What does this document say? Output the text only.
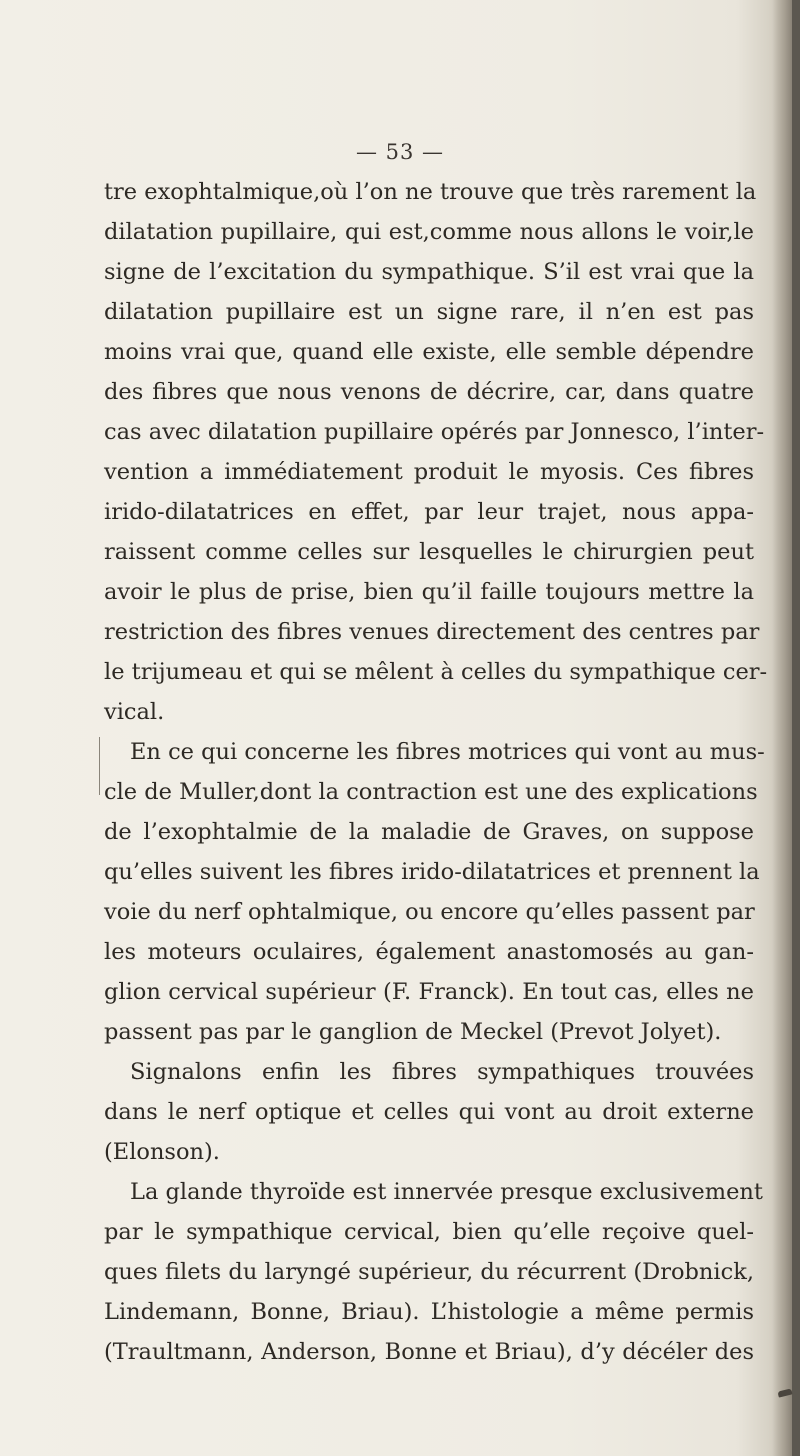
— 53 —
tre exophtalmique,où l’on ne trouve que très rarement la
dilatation pupillaire, qui est,comme nous allons le voir,le
signe de l’excitation du sympathique. S’il est vrai que la
dilatation pupillaire est un signe rare, il n’en est pas
moins vrai que, quand elle existe, elle semble dépendre
des fibres que nous venons de décrire, car, dans quatre
cas avec dilatation pupillaire opérés par Jonnesco, l’inter-
vention a immédiatement produit le myosis. Ces fibres
irido-dilatatrices en effet, par leur trajet, nous appa-
raissent comme celles sur lesquelles le chirurgien peut
avoir le plus de prise, bien qu’il faille toujours mettre la
restriction des fibres venues directement des centres par
le trijumeau et qui se mêlent à celles du sympathique cer-
vical.
En ce qui concerne les fibres motrices qui vont au mus-
cle de Muller,dont la contraction est une des explications
de l’exophtalmie de la maladie de Graves, on suppose
qu’elles suivent les fibres irido-dilatatrices et prennent la
voie du nerf ophtalmique, ou encore qu’elles passent par
les moteurs oculaires, également anastomosés au gan-
glion cervical supérieur (F. Franck). En tout cas, elles ne
passent pas par le ganglion de Meckel (Prevot Jolyet).
Signalons enfin les fibres sympathiques trouvées
dans le nerf optique et celles qui vont au droit externe
(Elonson).
La glande thyroïde est innervée presque exclusivement
par le sympathique cervical, bien qu’elle reçoive quel-
ques filets du laryngé supérieur, du récurrent (Drobnick,
Lindemann, Bonne, Briau). L’histologie a même permis
(Traultmann, Anderson, Bonne et Briau), d’y décéler des
